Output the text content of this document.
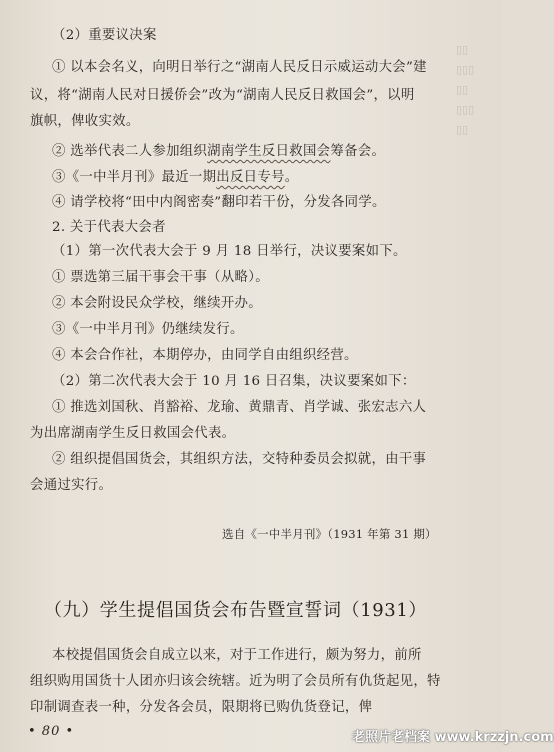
▯▯
▯▯▯
▯▯
▯▯▯
▯▯
（2）重要议决案
① 以本会名义，向明日举行之“湖南人民反日示威运动大会”建
议，将“湖南人民对日援侨会”改为“湖南人民反日救国会”，以明
旗帜，俾收实效。
② 选举代表二人参加组织湖南学生反日救国会筹备会。
③《一中半月刊》最近一期出反日专号。
④ 请学校将“田中内阁密奏”翻印若干份，分发各同学。
2. 关于代表大会者
（1）第一次代表大会于 9 月 18 日举行，决议要案如下。
① 票选第三届干事会干事（从略）。
② 本会附设民众学校，继续开办。
③《一中半月刊》仍继续发行。
④ 本会合作社，本期停办，由同学自由组织经营。
（2）第二次代表大会于 10 月 16 日召集，决议要案如下：
① 推选刘国秋、肖豁裕、龙瑜、黄鼎青、肖学诚、张宏志六人
为出席湖南学生反日救国会代表。
② 组织提倡国货会，其组织方法，交特种委员会拟就，由干事
会通过实行。
选自《一中半月刊》（1931 年第 31 期）
（九）学生提倡国货会布告暨宣誓词（1931）
本校提倡国货会自成立以来，对于工作进行，颇为努力，前所
组织购用国货十人团亦归该会统辖。近为明了会员所有仇货起见，特
印制调查表一种，分发各会员，限期将已购仇货登记，俾
• 80 •	老照片老档案 www.krzzjn.com
